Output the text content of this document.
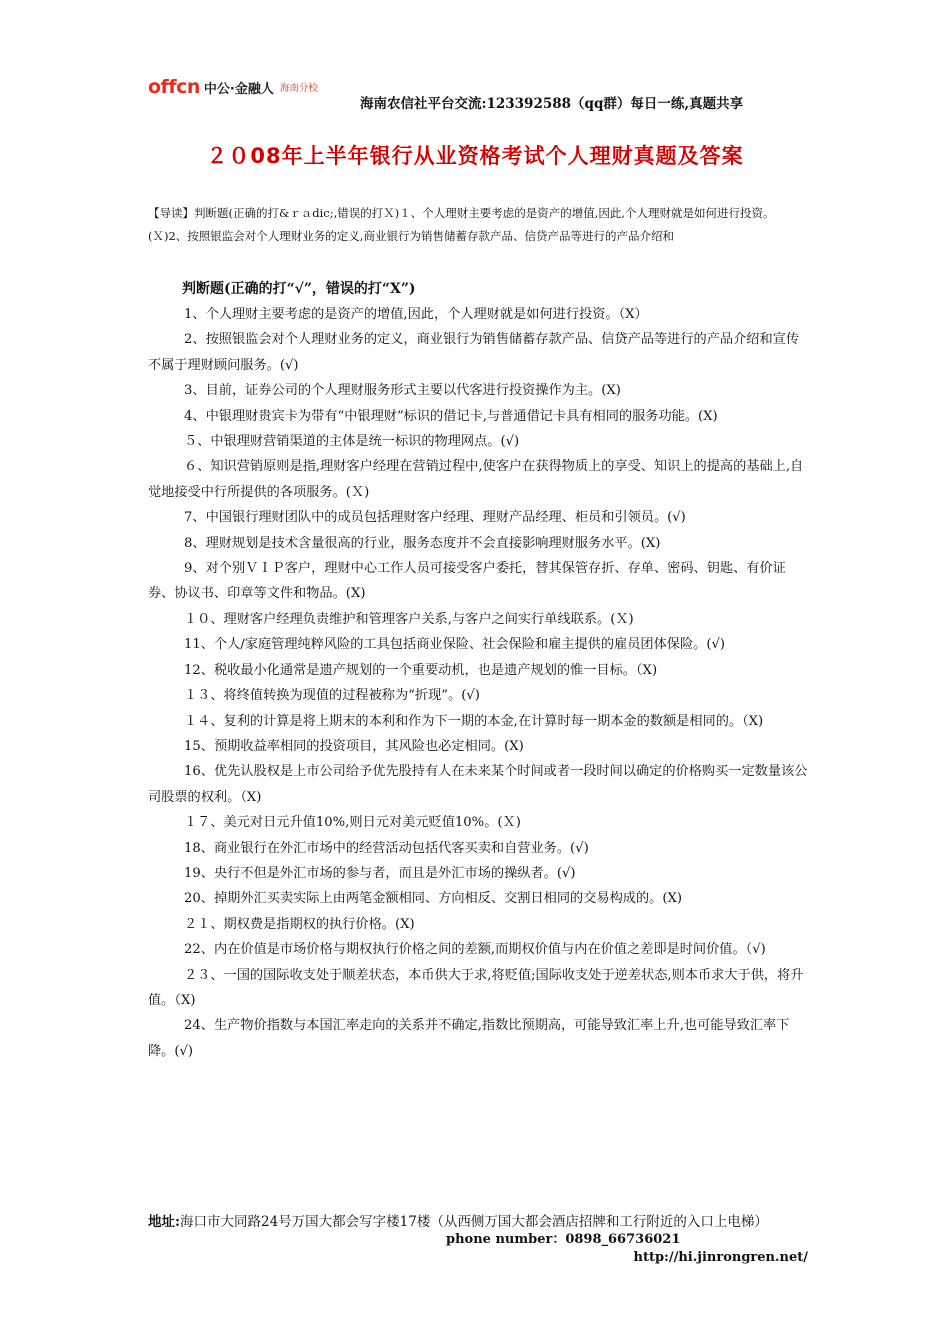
offcn 中公·金融人 海南分校
海南农信社平台交流:123392588（qq群）每日一练,真题共享
２０08年上半年银行从业资格考试个人理财真题及答案
【导读】判断题(正确的打&ｒａdic;,错误的打Ｘ)１、个人理财主要考虑的是资产的增值,因此,个人理财就是如何进行投资。(Ｘ)2、按照银监会对个人理财业务的定义,商业银行为销售储蓄存款产品、信贷产品等进行的产品介绍和
判断题(正确的打“√”，错误的打“X”)

1、个人理财主要考虑的是资产的增值,因此，个人理财就是如何进行投资。（X）

2、按照银监会对个人理财业务的定义，商业银行为销售储蓄存款产品、信贷产品等进行的产品介绍和宣传不属于理财顾问服务。(√)

3、目前，证券公司的个人理财服务形式主要以代客进行投资操作为主。(X)

4、中银理财贵宾卡为带有“中银理财”标识的借记卡,与普通借记卡具有相同的服务功能。(X)

５、中银理财营销渠道的主体是统一标识的物理网点。(√)

６、知识营销原则是指,理财客户经理在营销过程中,使客户在获得物质上的享受、知识上的提高的基础上,自觉地接受中行所提供的各项服务。(Ｘ)

7、中国银行理财团队中的成员包括理财客户经理、理财产品经理、柜员和引领员。(√)

8、理财规划是技术含量很高的行业，服务态度并不会直接影响理财服务水平。(X)

9、对个别ＶＩＰ客户，理财中心工作人员可接受客户委托，替其保管存折、存单、密码、钥匙、有价证券、协议书、印章等文件和物品。(X)

１０、理财客户经理负责维护和管理客户关系,与客户之间实行单线联系。(Ｘ)

11、个人/家庭管理纯粹风险的工具包括商业保险、社会保险和雇主提供的雇员团体保险。(√)

12、税收最小化通常是遗产规划的一个重要动机，也是遗产规划的惟一目标。（X)

１３、将终值转换为现值的过程被称为“折现”。(√)

１４、复利的计算是将上期末的本利和作为下一期的本金,在计算时每一期本金的数额是相同的。（X)

15、预期收益率相同的投资项目，其风险也必定相同。(X)

16、优先认股权是上市公司给予优先股持有人在未来某个时间或者一段时间以确定的价格购买一定数量该公司股票的权利。（X)

１７、美元对日元升值10%,则日元对美元贬值10%。(Ｘ)

18、商业银行在外汇市场中的经营活动包括代客买卖和自营业务。(√)

19、央行不但是外汇市场的参与者，而且是外汇市场的操纵者。(√)

20、掉期外汇买卖实际上由两笔金额相同、方向相反、交割日相同的交易构成的。(X)

２１、期权费是指期权的执行价格。(X)

22、内在价值是市场价格与期权执行价格之间的差额,而期权价值与内在价值之差即是时间价值。（√)

２３、一国的国际收支处于顺差状态，本币供大于求,将贬值;国际收支处于逆差状态,则本币求大于供，将升值。（X)

24、生产物价指数与本国汇率走向的关系并不确定,指数比预期高，可能导致汇率上升,也可能导致汇率下降。(√)

地址:海口市大同路24号万国大都会写字楼17楼（从西侧万国大都会酒店招牌和工行附近的入口上电梯）
phone number：0898_66736021
http://hi.jinrongren.net/
